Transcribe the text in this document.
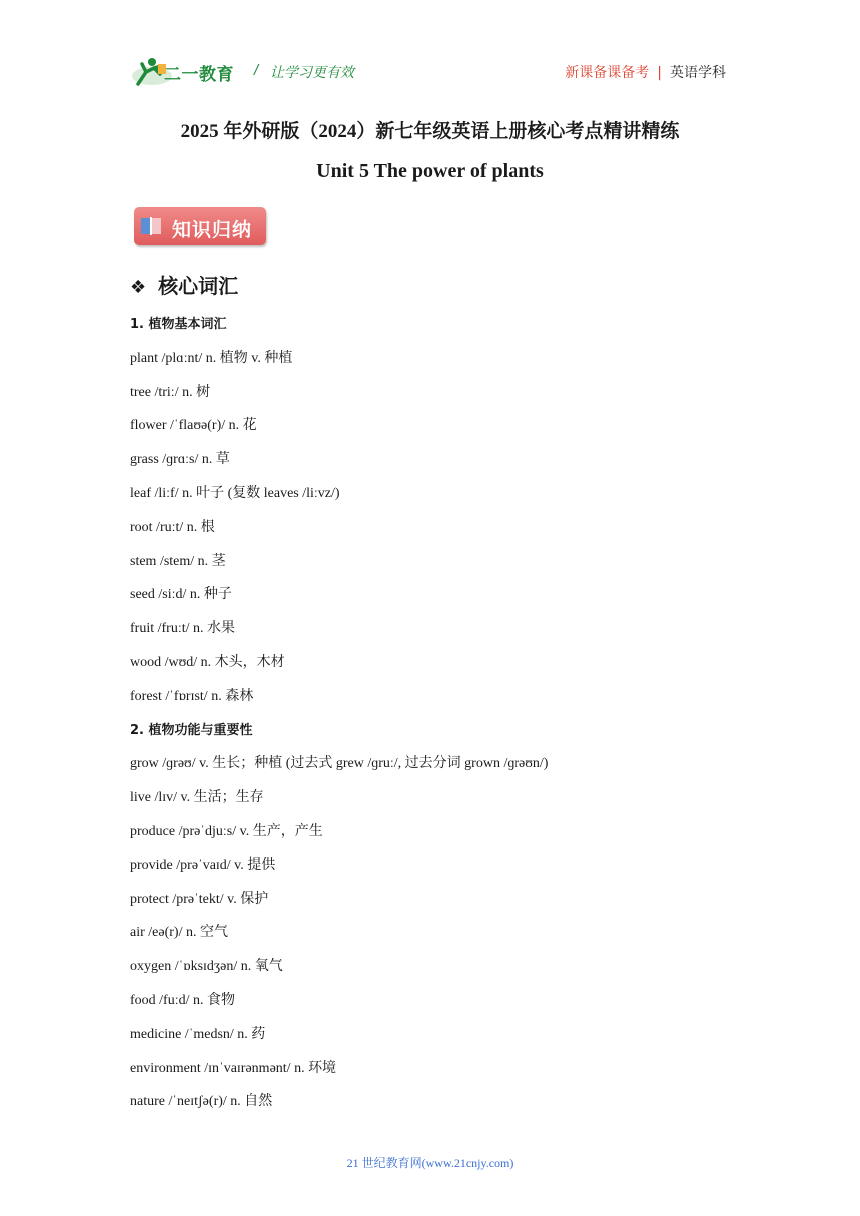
二一教育 / 让学习更有效	新课备课备考 | 英语学科
2025 年外研版（2024）新七年级英语上册核心考点精讲精练
Unit 5 The power of plants
知识归纳
❖ 核心词汇
1. 植物基本词汇
plant /plɑːnt/ n. 植物 v. 种植
tree /triː/ n. 树
flower /ˈflaʊə(r)/ n. 花
grass /ɡrɑːs/ n. 草
leaf /liːf/ n. 叶子 (复数 leaves /liːvz/)
root /ruːt/ n. 根
stem /stem/ n. 茎
seed /siːd/ n. 种子
fruit /fruːt/ n. 水果
wood /wʊd/ n. 木头，木材
forest /ˈfɒrɪst/ n. 森林
2. 植物功能与重要性
grow /ɡrəʊ/ v. 生长；种植 (过去式 grew /ɡruː/, 过去分词 grown /ɡrəʊn/)
live /lɪv/ v. 生活；生存
produce /prəˈdjuːs/ v. 生产，产生
provide /prəˈvaɪd/ v. 提供
protect /prəˈtekt/ v. 保护
air /eə(r)/ n. 空气
oxygen /ˈɒksɪdʒən/ n. 氧气
food /fuːd/ n. 食物
medicine /ˈmedsn/ n. 药
environment /ɪnˈvaɪrənmənt/ n. 环境
nature /ˈneɪtʃə(r)/ n. 自然
21 世纪教育网(www.21cnjy.com)
